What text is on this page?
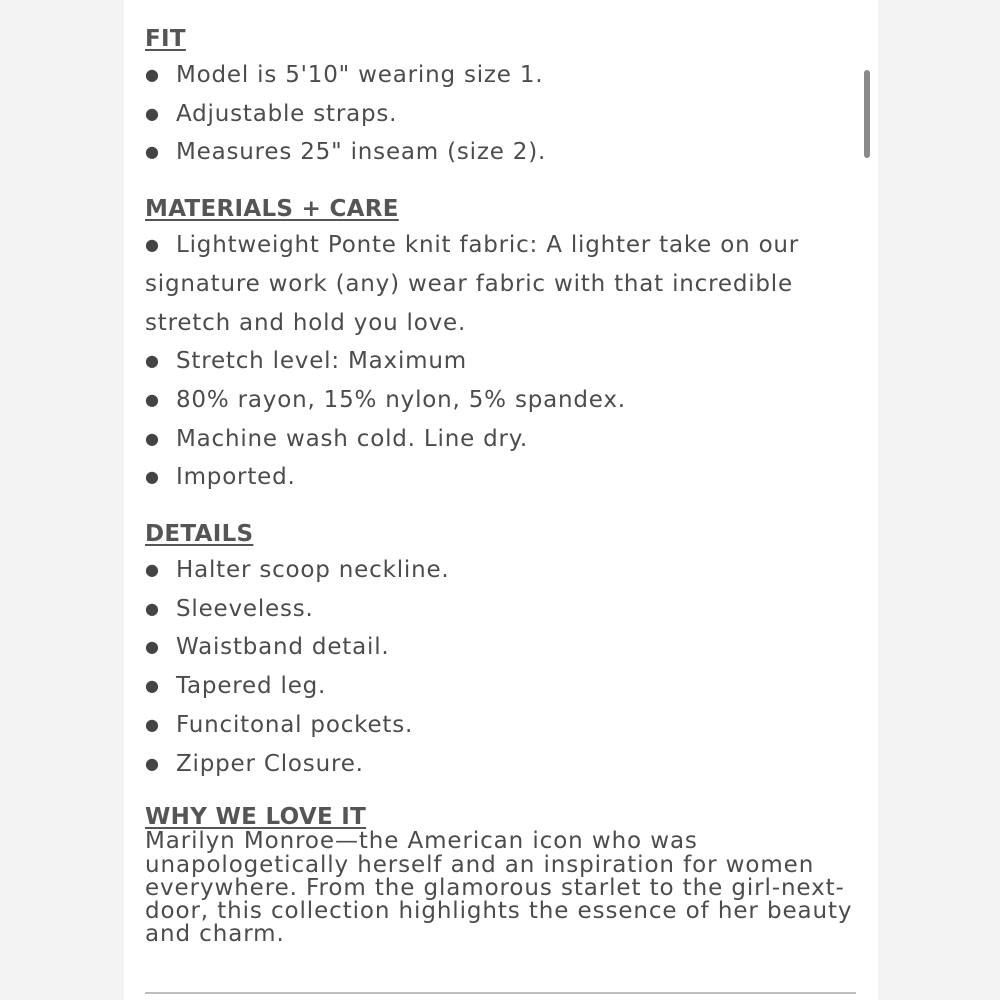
FIT
● Model is 5'10" wearing size 1.
● Adjustable straps.
● Measures 25" inseam (size 2).
MATERIALS + CARE
● Lightweight Ponte knit fabric: A lighter take on our signature work (any) wear fabric with that incredible stretch and hold you love.
● Stretch level: Maximum
● 80% rayon, 15% nylon, 5% spandex.
● Machine wash cold. Line dry.
● Imported.
DETAILS
● Halter scoop neckline.
● Sleeveless.
● Waistband detail.
● Tapered leg.
● Funcitonal pockets.
● Zipper Closure.
WHY WE LOVE IT

Marilyn Monroe—the American icon who was unapologetically herself and an inspiration for women everywhere. From the glamorous starlet to the girl-next-door, this collection highlights the essence of her beauty and charm.
